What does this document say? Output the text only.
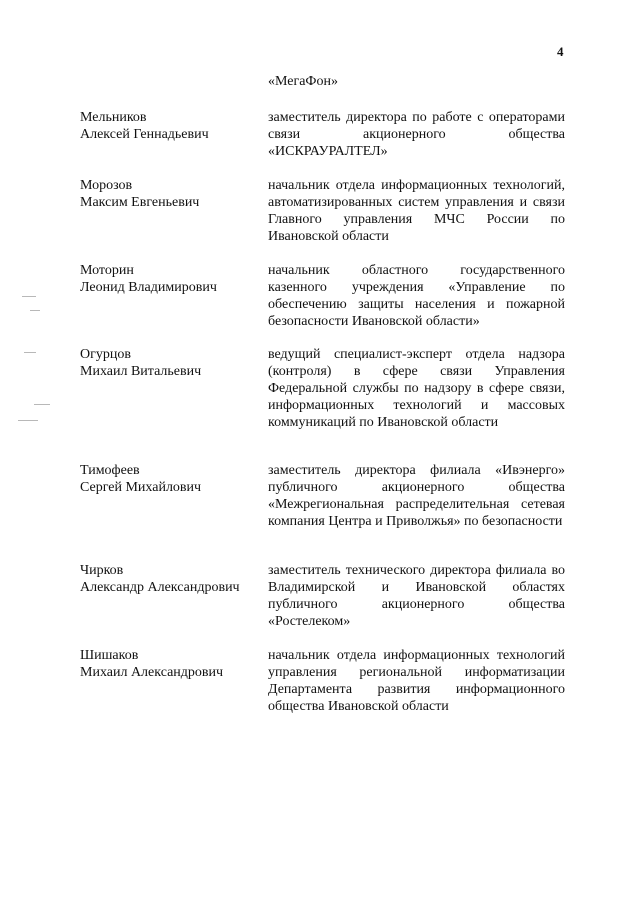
4
«МегаФон»
Мельников
Алексей Геннадьевич
заместитель директора по работе с операторами связи акционерного общества «ИСКРАУРАЛТЕЛ»
Морозов
Максим Евгеньевич
начальник отдела информационных технологий, автоматизированных систем управления и связи Главного управления МЧС России по Ивановской области
Моторин
Леонид Владимирович
начальник областного государственного казенного учреждения «Управление по обеспечению защиты населения и пожарной безопасности Ивановской области»
Огурцов
Михаил Витальевич
ведущий специалист-эксперт отдела надзора (контроля) в сфере связи Управления Федеральной службы по надзору в сфере связи, информационных технологий и массовых коммуникаций по Ивановской области
Тимофеев
Сергей Михайлович
заместитель директора филиала «Ивэнерго» публичного акционерного общества «Межрегиональная распределительная сетевая компания Центра и Приволжья» по безопасности
Чирков
Александр Александрович
заместитель технического директора филиала во Владимирской и Ивановской областях публичного акционерного общества «Ростелеком»
Шишаков
Михаил Александрович
начальник отдела информационных технологий управления региональной информатизации Департамента развития информационного общества Ивановской области
